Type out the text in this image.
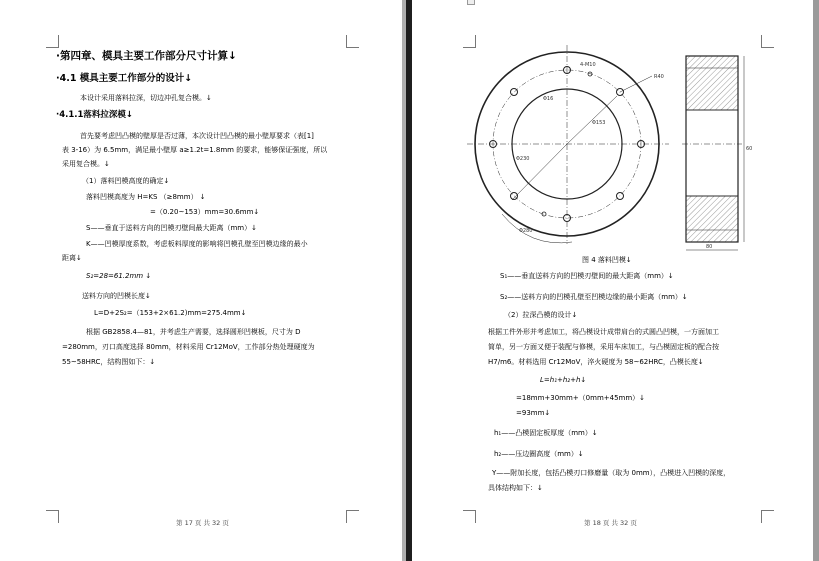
·第四章、模具主要工作部分尺寸计算↓
·4.1 模具主要工作部分的设计↓
本设计采用落料拉深，切边冲孔复合模。↓
·4.1.1落料拉深模↓
首先要考虑凹凸模的壁厚是否过薄，本次设计凹凸模的最小壁厚要求（表[1]
表 3-16）为 6.5mm，满足最小壁厚 a≥1.2t=1.8mm 的要求，能够保证强度，所以
采用复合模。↓
（1）落料凹模高度的确定↓
落料凹模高度为 H=KS （≥8mm） ↓
=（0.20~153）mm=30.6mm↓
S——垂直于送料方向的凹模刃壁间最大距离（mm）↓
K——凹模厚度系数，考虑板料厚度的影响将凹模孔壁至凹模边缘的最小
距离↓
S₂=28=61.2mm ↓
送料方向的凹模长度↓
L=D+2S₂=（153+2×61.2)mm=275.4mm↓
根据 GB2858.4—81，并考虑生产需要，选择圆形凹模板，尺寸为 D
=280mm，刃口高度选择 80mm，材料采用 Cr12MoV，工作部分热处理硬度为
55~58HRC，结构图如下：↓
第 17 页 共 32 页
4-M10
Φ16
Φ153
Φ280
R40
Φ230
80
60
图 4 落料凹模↓
S₁——垂直送料方向的凹模刃壁间的最大距离（mm）↓
S₂——送料方向的凹模孔壁至凹模边缘的最小距离（mm）↓
（2）拉深凸模的设计↓
根据工件外形并考虑加工，将凸模设计成带肩台的式圆凸凹模，一方面加工
简单，另一方面又便于装配与修模，采用车床加工，与凸模固定板的配合按
H7/m6。材料选用 Cr12MoV，淬火硬度为 58~62HRC，凸模长度↓
L=h₁+h₂+h↓
=18mm+30mm+（0mm+45mm）↓
=93mm↓
h₁——凸模固定板厚度（mm）↓
h₂——压边圈高度（mm）↓
Y——附加长度，包括凸模刃口修磨量（取为 0mm），凸模进入凹模的深度，
具体结构如下：↓
第 18 页 共 32 页
